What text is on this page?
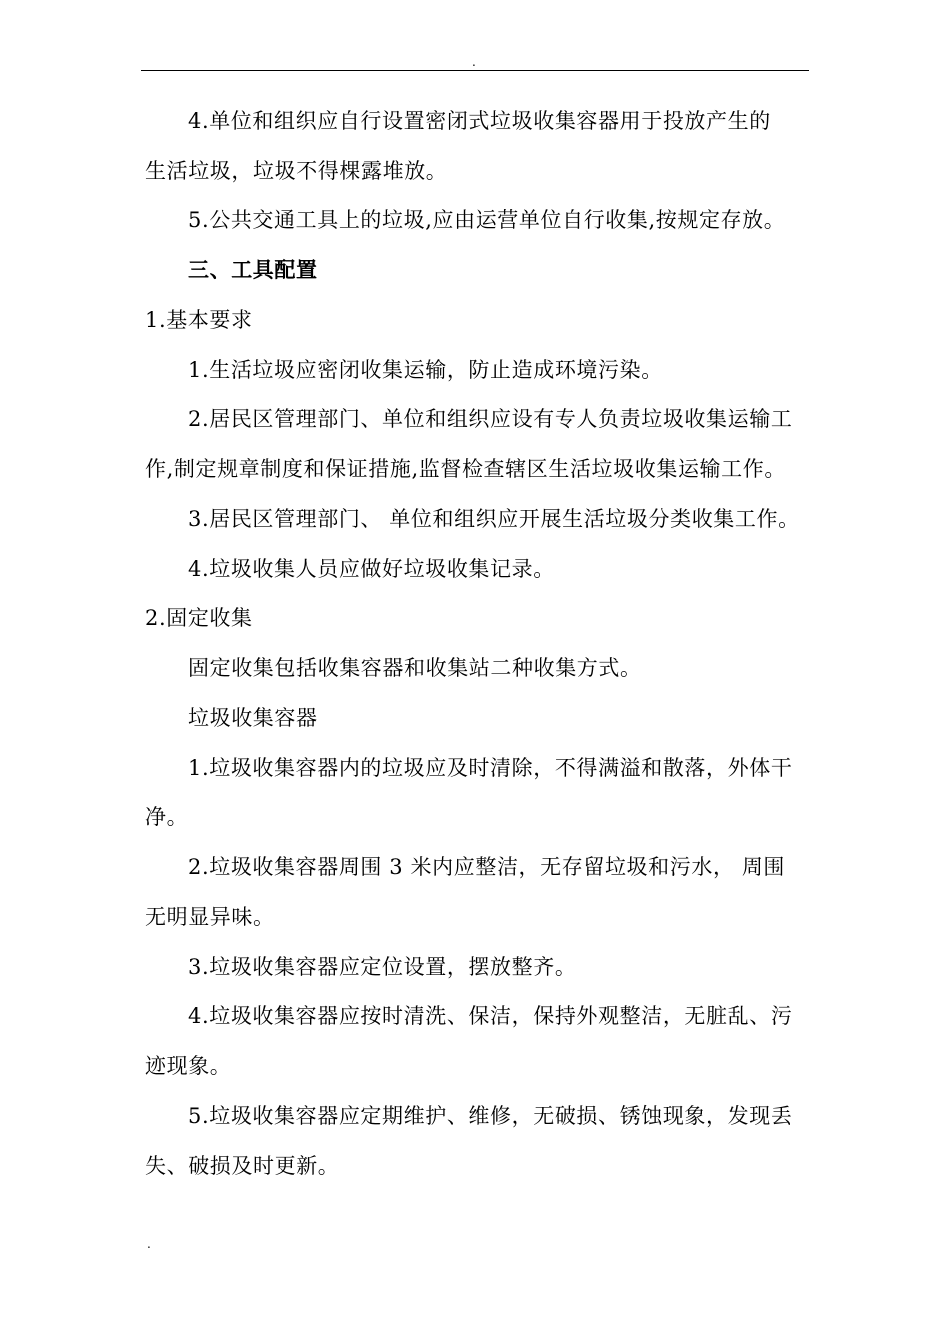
.
4.单位和组织应自行设置密闭式垃圾收集容器用于投放产生的
生活垃圾，垃圾不得棵露堆放。
5.公共交通工具上的垃圾,应由运营单位自行收集,按规定存放。
三、工具配置
1.基本要求
1.生活垃圾应密闭收集运输，防止造成环境污染。
2.居民区管理部门、单位和组织应设有专人负责垃圾收集运输工
作,制定规章制度和保证措施,监督检查辖区生活垃圾收集运输工作。
3.居民区管理部门、 单位和组织应开展生活垃圾分类收集工作。
4.垃圾收集人员应做好垃圾收集记录。
2.固定收集
固定收集包括收集容器和收集站二种收集方式。
垃圾收集容器
1.垃圾收集容器内的垃圾应及时清除，不得满溢和散落，外体干
净。
2.垃圾收集容器周围 3 米内应整洁，无存留垃圾和污水， 周围
无明显异味。
3.垃圾收集容器应定位设置，摆放整齐。
4.垃圾收集容器应按时清洗、保洁，保持外观整洁，无脏乱、污
迹现象。
5.垃圾收集容器应定期维护、维修，无破损、锈蚀现象，发现丢
失、破损及时更新。
.
